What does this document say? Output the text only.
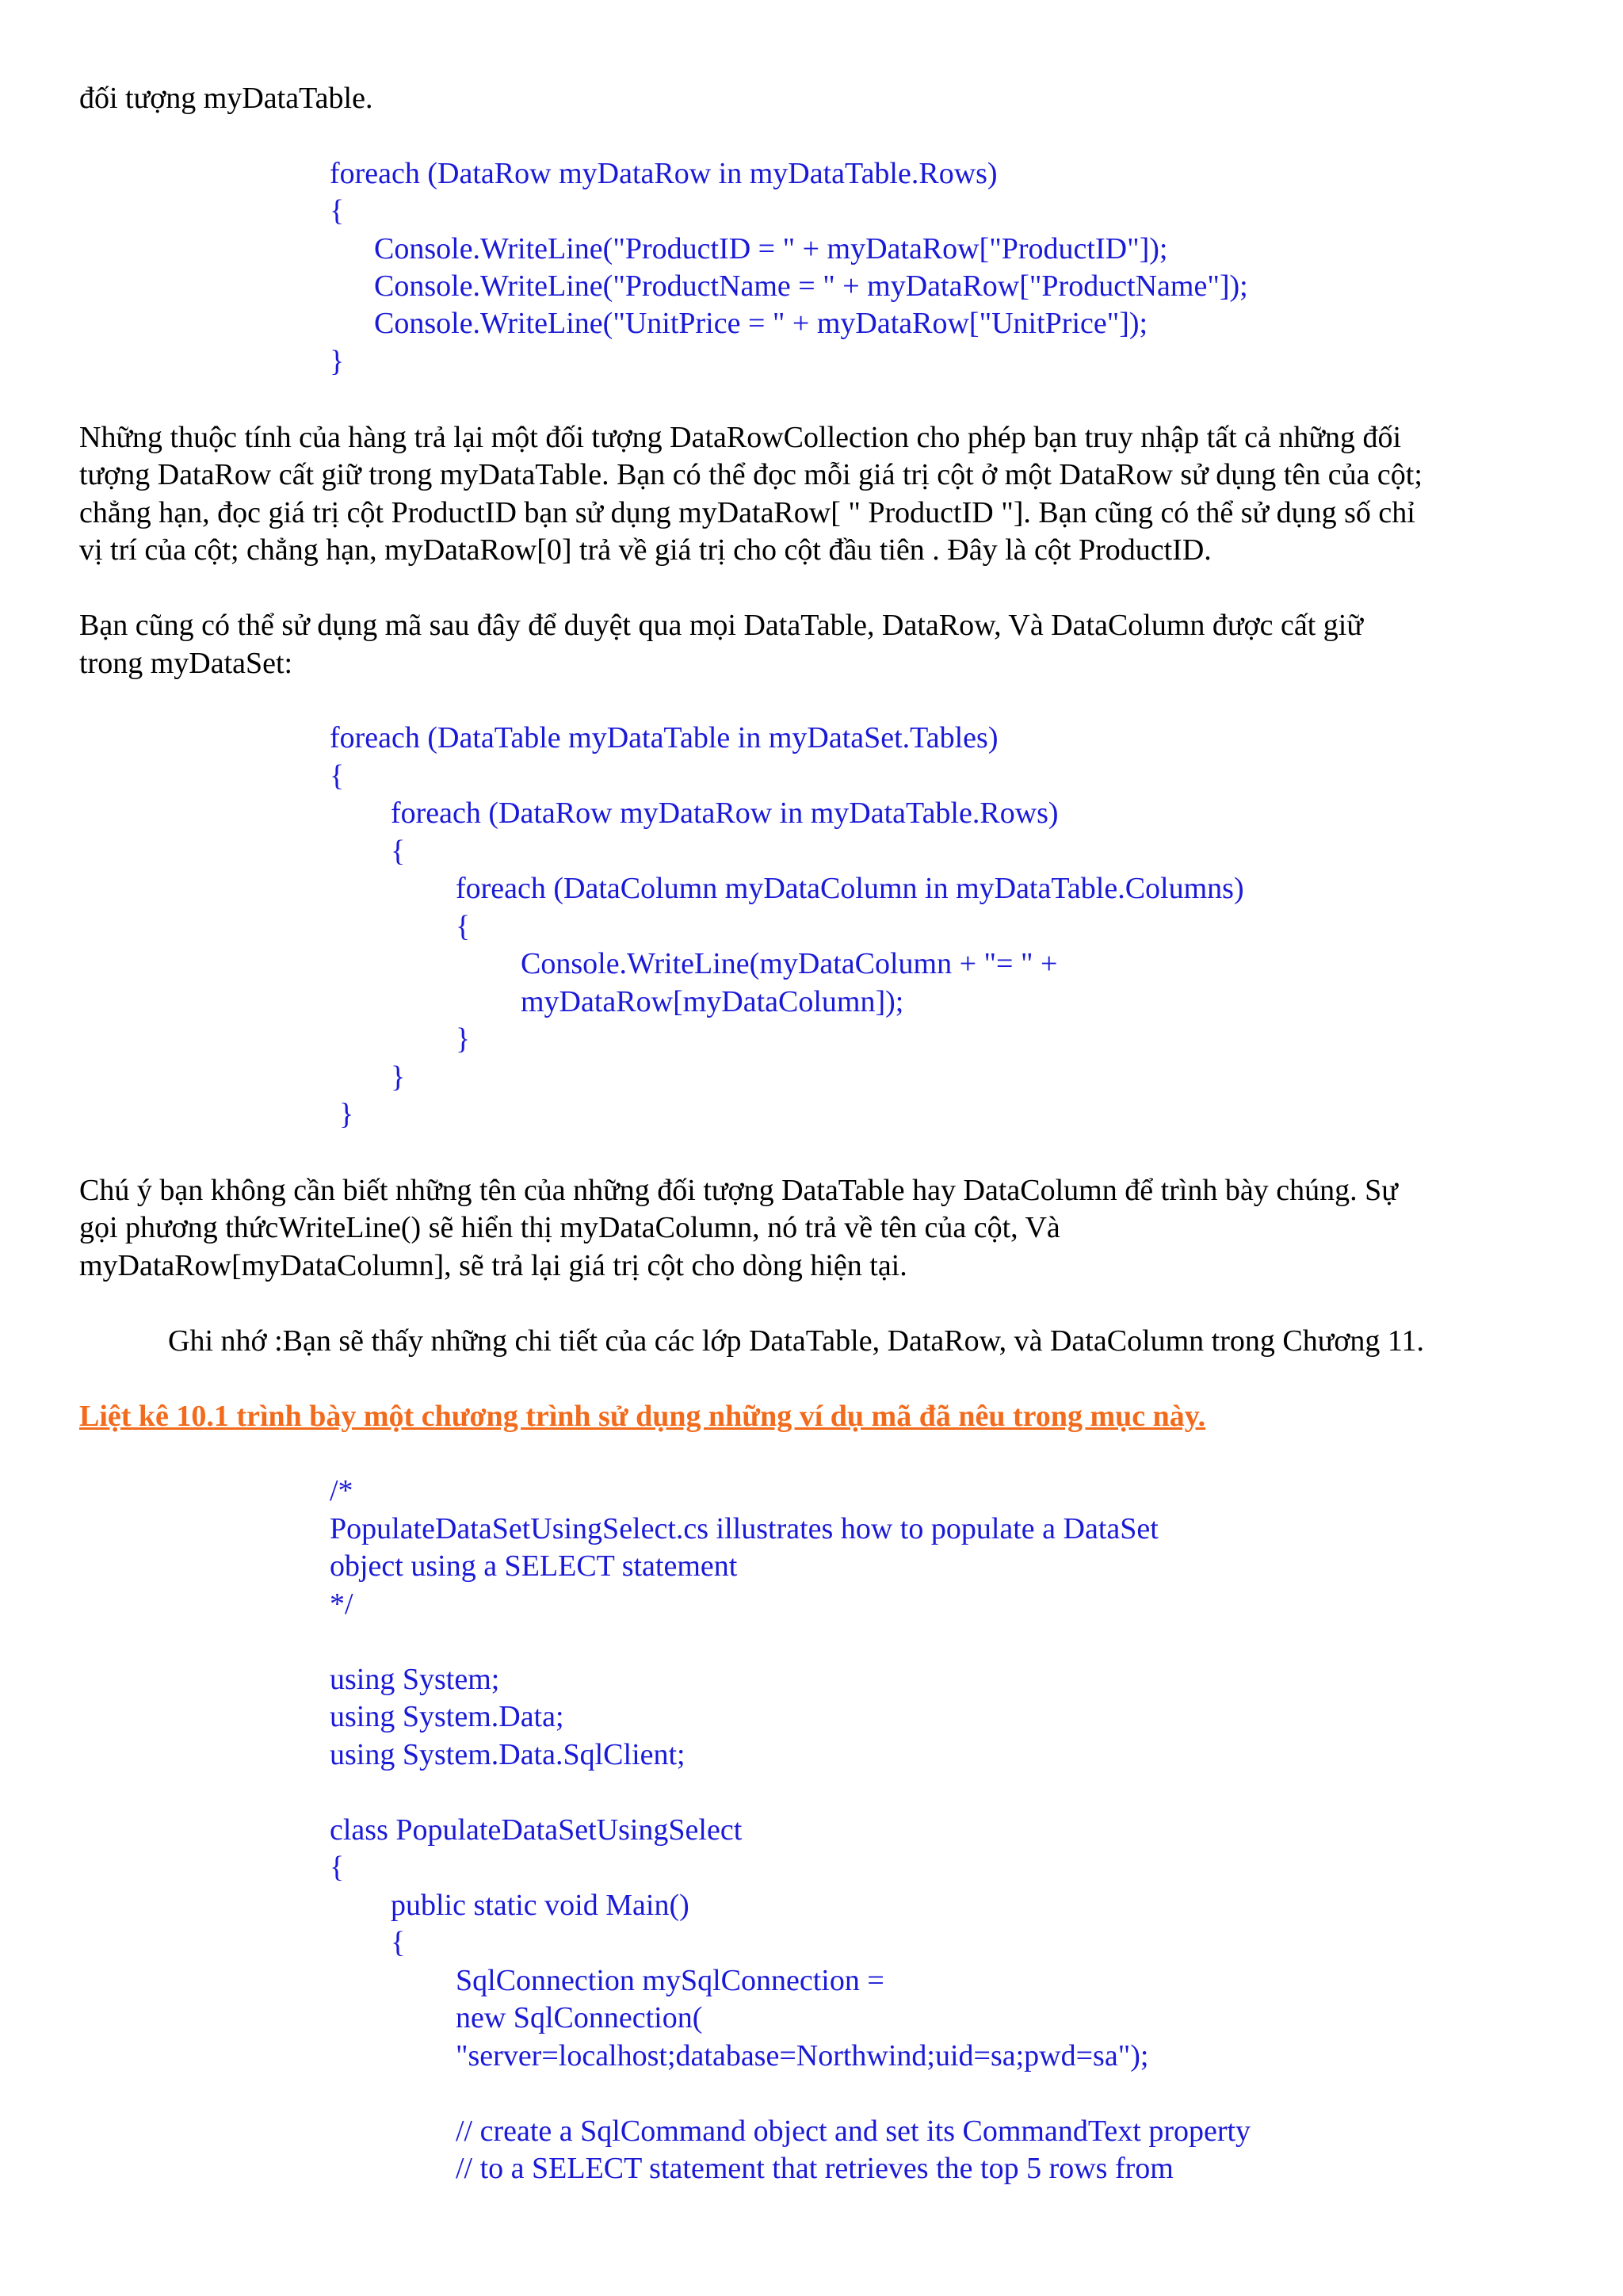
đối tượng myDataTable.
foreach (DataRow myDataRow in myDataTable.Rows)
{
Console.WriteLine("ProductID = " + myDataRow["ProductID"]);
Console.WriteLine("ProductName = " + myDataRow["ProductName"]);
Console.WriteLine("UnitPrice = " + myDataRow["UnitPrice"]);
}
Những thuộc tính của hàng trả lại một đối tượng DataRowCollection cho phép bạn truy nhập tất cả những đối
tượng DataRow cất giữ trong myDataTable. Bạn có thể đọc mỗi giá trị cột ở một DataRow sử dụng tên của cột;
chẳng hạn, đọc giá trị cột ProductID bạn sử dụng myDataRow[ " ProductID "]. Bạn cũng có thể sử dụng số chỉ
vị trí của cột; chẳng hạn, myDataRow[0] trả về giá trị cho cột đầu tiên . Đây là cột ProductID.
Bạn cũng có thể sử dụng mã sau đây để duyệt qua mọi DataTable, DataRow, Và DataColumn được cất giữ
trong myDataSet:
foreach (DataTable myDataTable in myDataSet.Tables)
{
foreach (DataRow myDataRow in myDataTable.Rows)
{
foreach (DataColumn myDataColumn in myDataTable.Columns)
{
Console.WriteLine(myDataColumn + "= " +
myDataRow[myDataColumn]);
}
}
}
Chú ý bạn không cần biết những tên của những đối tượng DataTable hay DataColumn để trình bày chúng. Sự
gọi phương thứcWriteLine() sẽ hiển thị myDataColumn, nó trả về tên của cột, Và
myDataRow[myDataColumn], sẽ trả lại giá trị cột cho dòng hiện tại.
Ghi nhớ :Bạn sẽ thấy những chi tiết của các lớp DataTable, DataRow, và DataColumn trong Chương 11.
Liệt kê 10.1 trình bày một chương trình sử dụng những ví dụ mã đã nêu trong mục này.
/*
PopulateDataSetUsingSelect.cs illustrates how to populate a DataSet
object using a SELECT statement
*/
using System;
using System.Data;
using System.Data.SqlClient;
class PopulateDataSetUsingSelect
{
public static void Main()
{
SqlConnection mySqlConnection =
new SqlConnection(
"server=localhost;database=Northwind;uid=sa;pwd=sa");
// create a SqlCommand object and set its CommandText property
// to a SELECT statement that retrieves the top 5 rows from
